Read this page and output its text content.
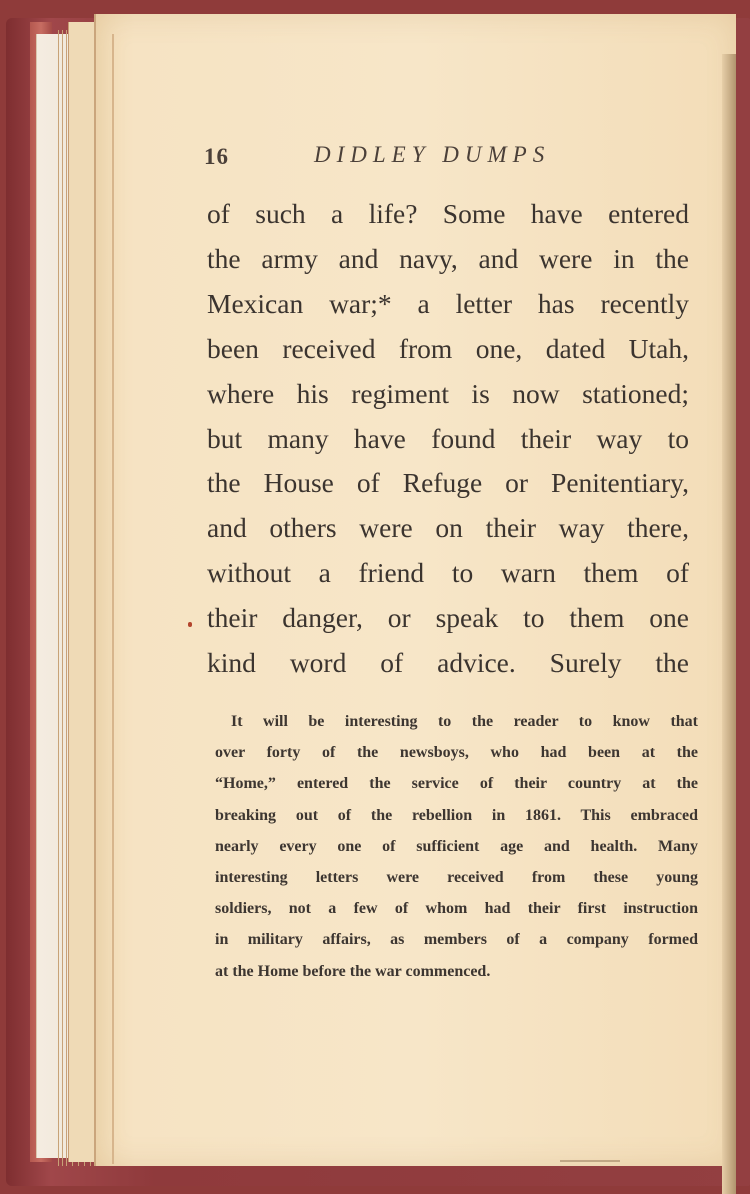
16	DIDLEY DUMPS
of such a life? Some have entered
the army and navy, and were in the
Mexican war;* a letter has recently
been received from one, dated Utah,
where his regiment is now stationed;
but many have found their way to
the House of Refuge or Penitentiary,
and others were on their way there,
without a friend to warn them of
their danger, or speak to them one
kind word of advice. Surely the
It will be interesting to the reader to know that
over forty of the newsboys, who had been at the
“Home,” entered the service of their country at the
breaking out of the rebellion in 1861. This embraced
nearly every one of sufficient age and health. Many
interesting letters were received from these young
soldiers, not a few of whom had their first instruction
in military affairs, as members of a company formed
at the Home before the war commenced.
